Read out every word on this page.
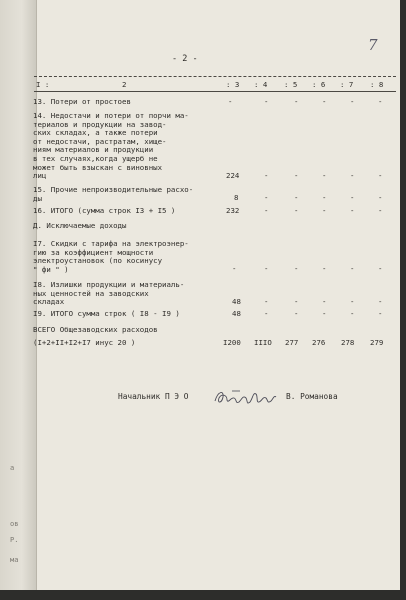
а
ов
Р.
ма
- 2 -
7
I :	2	: 3 : 4 : 5 : 6 : 7 : 8
13. Потери от простоев	-	-	-	-	-	-
14. Недостачи и потери от порчи ма-
териалов и продукции на завод-
ских складах, а также потери
от недостачи, растратам, хище-
ниям материалов и продукции
в тех случаях,когда ущерб не
может быть взыскан с виновных
лиц	224	-	-	-	-	-
15. Прочие непроизводительные расхо-
ды	8	-	-	-	-	-
16. ИТОГО (сумма строк I3 + I5 )	232	-	-	-	-	-
Д. Исключаемые доходы
I7. Скидки с тарифа на электроэнер-
гию за коэффициент мощности
электроустановок (по косинусу
" фи " )	-	-	-	-	-	-
I8. Излишки продукции и материаль-
ных ценностей на заводских
складах	48	-	-	-	-	-
I9. ИТОГО сумма строк ( I8 - I9 )	48	-	-	-	-	-
ВСЕГО Общезаводских расходов
(I+2+II+I2+I7 инус 20 )	I200 IIIO 277 276 278 279
Начальник П Э О	В. Романова
